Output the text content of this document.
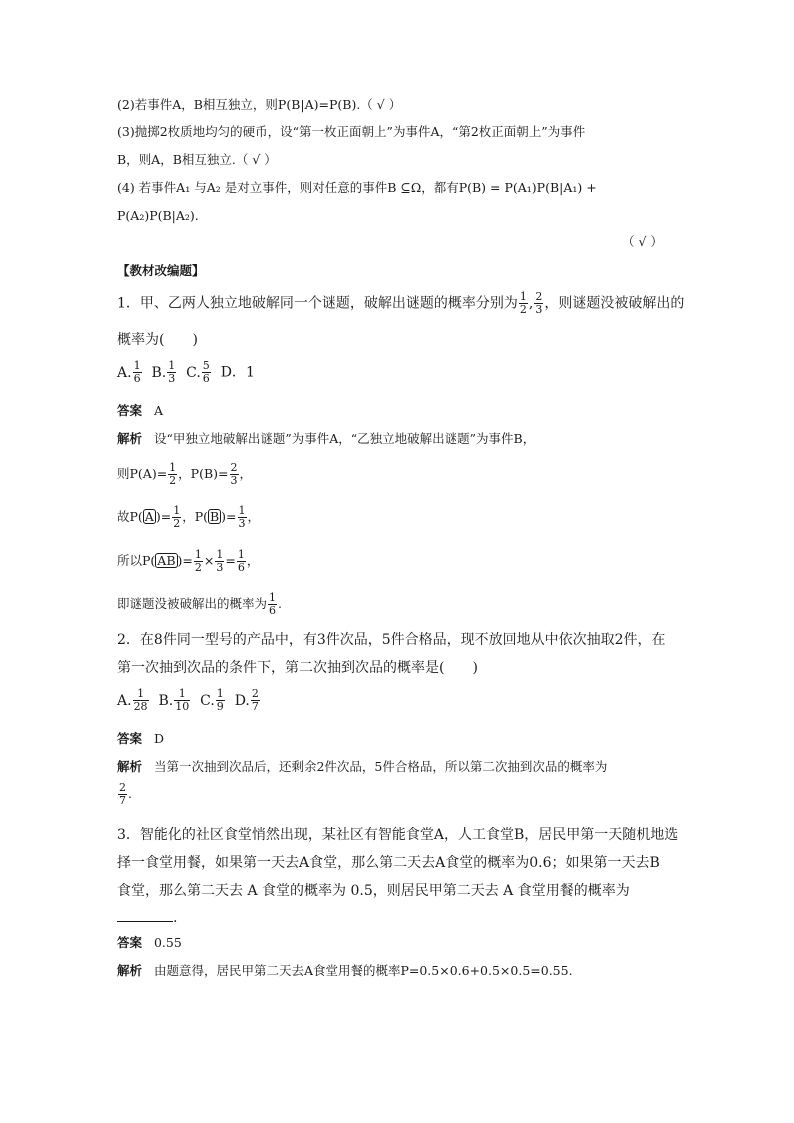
(2)若事件A，B相互独立，则P(B|A)=P(B).（ √ ）
(3)抛掷2枚质地均匀的硬币，设“第一枚正面朝上”为事件A，“第2枚正面朝上”为事件
B，则A，B相互独立.（ √ ）
(4) 若事件A₁ 与A₂ 是对立事件，则对任意的事件B ⊆Ω，都有P(B) = P(A₁)P(B|A₁) +
P(A₂)P(B|A₂).
（ √ ）
【教材改编题】
1．甲、乙两人独立地破解同一个谜题，破解出谜题的概率分别为 $\frac{1}{2}$ , $\frac{2}{3}$ ，则谜题没被破解出的
概率为(　　)
A. $\frac{1}{6} B$. $\frac{1}{3} C$. $\frac{5}{6}$ D．1
答案 A
解析 设“甲独立地破解出谜题”为事件A，“乙独立地破解出谜题”为事件B，
则$P(A)= \frac{1}{2}$ ，$P(B)= \frac{2}{3}$ ，
故P( A )= $\frac{1}{2}$ ，P( B )= $\frac{1}{3}$ ，
所以P( AB )= $\frac{1}{2} \times \frac{1}{3} = \frac{1}{6}$ ，
即谜题没被破解出的概率为 $\frac{1}{6}$ .
2．在8件同一型号的产品中，有3件次品，5件合格品，现不放回地从中依次抽取2件，在
第一次抽到次品的条件下，第二次抽到次品的概率是(　　)
A. $\frac{1}{28} B$. $\frac{1}{10} C$. $\frac{1}{9} D$. $\frac{2}{7}$
答案 D
解析 当第一次抽到次品后，还剩余2件次品，5件合格品，所以第二次抽到次品的概率为
$\frac{2}{7}$ .
3．智能化的社区食堂悄然出现，某社区有智能食堂A，人工食堂B，居民甲第一天随机地选
择一食堂用餐，如果第一天去A食堂，那么第二天去A食堂的概率为0.6；如果第一天去B
食堂，那么第二天去 A 食堂的概率为 0.5，则居民甲第二天去 A 食堂用餐的概率为
.
答案 0.55
解析 由题意得，居民甲第二天去A食堂用餐的概率P=0.5×0.6+0.5×0.5=0.55.
